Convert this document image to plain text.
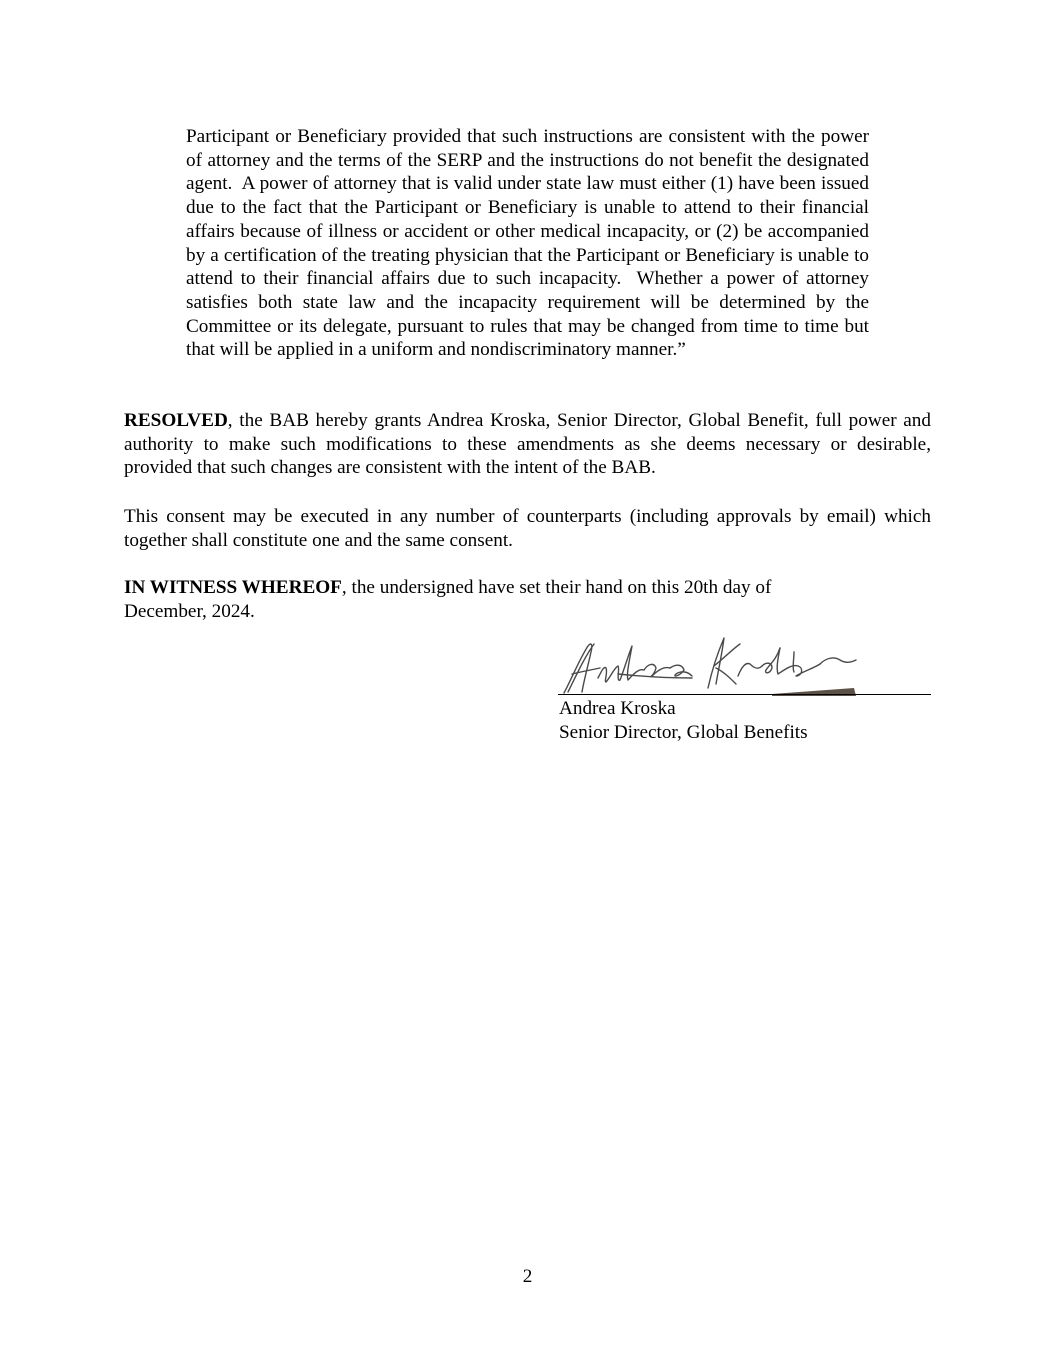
Participant or Beneficiary provided that such instructions are consistent with the power of attorney and the terms of the SERP and the instructions do not benefit the designated agent.  A power of attorney that is valid under state law must either (1) have been issued due to the fact that the Participant or Beneficiary is unable to attend to their financial affairs because of illness or accident or other medical incapacity, or (2) be accompanied by a certification of the treating physician that the Participant or Beneficiary is unable to attend to their financial affairs due to such incapacity.  Whether a power of attorney satisfies both state law and the incapacity requirement will be determined by the Committee or its delegate, pursuant to rules that may be changed from time to time but that will be applied in a uniform and nondiscriminatory manner.”

RESOLVED, the BAB hereby grants Andrea Kroska, Senior Director, Global Benefit, full power and authority to make such modifications to these amendments as she deems necessary or desirable, provided that such changes are consistent with the intent of the BAB.

This consent may be executed in any number of counterparts (including approvals by email) which together shall constitute one and the same consent.

IN WITNESS WHEREOF, the undersigned have set their hand on this 20th day of
December, 2024.

Andrea Kroska
Senior Director, Global Benefits
2
